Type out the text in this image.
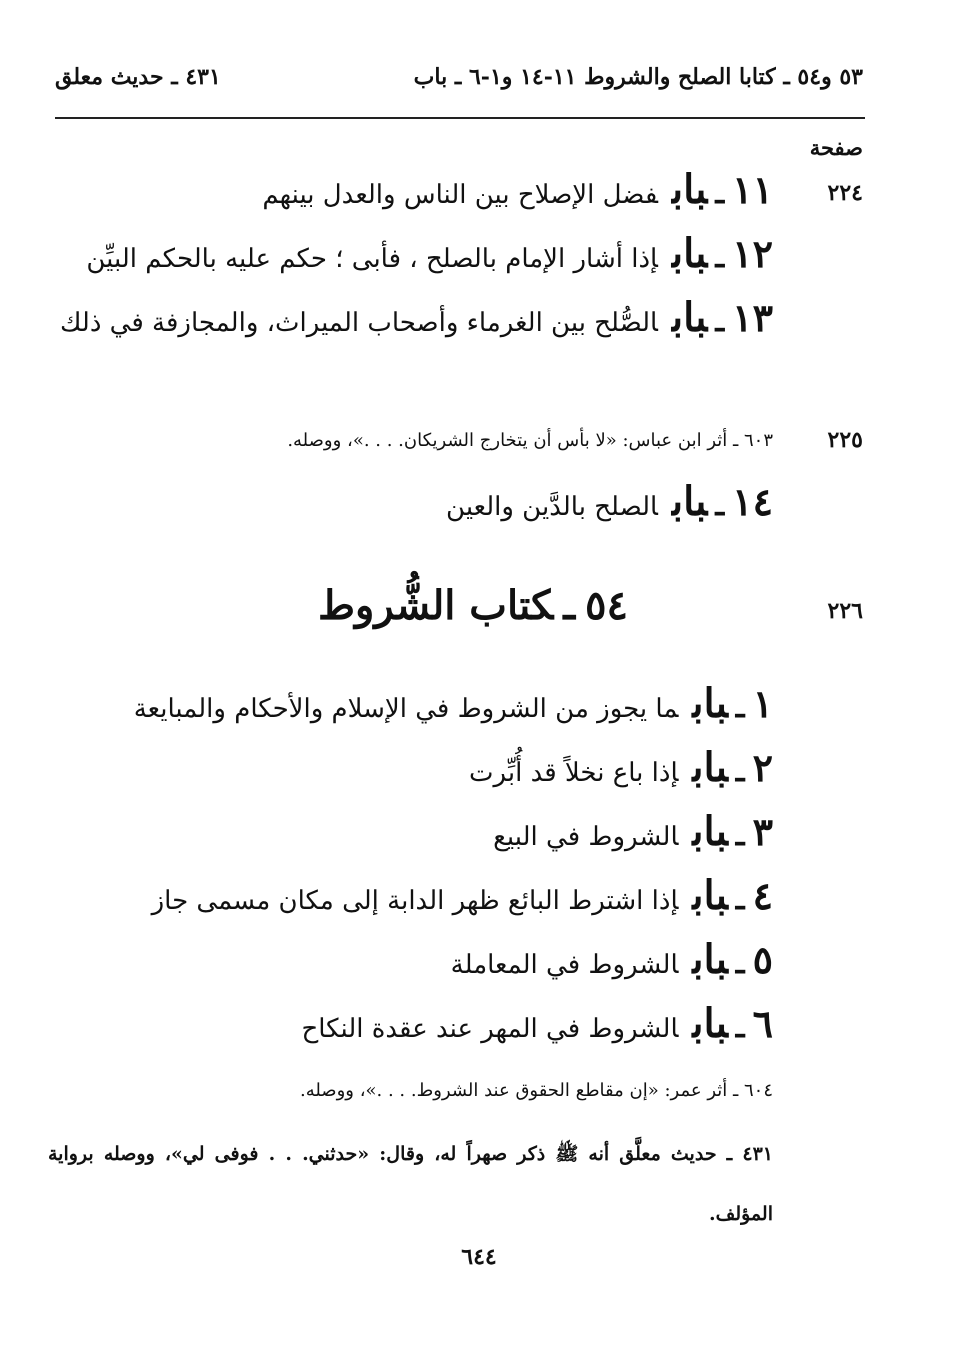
٥٣ و٥٤ ـ كتابا الصلح والشروط ١١-١٤ و١-٦ ـ باب
٤٣١ ـ حديث معلق
صفحة
٢٢٤
١١ـبابفضل الإصلاح بين الناس والعدل بينهم
١٢ـبابإذا أشار الإمام بالصلح ، فأبى ؛ حكم عليه بالحكم البيِّن
١٣ـبابالصُّلح بين الغرماء وأصحاب الميراث، والمجازفة في ذلك
٢٢٥
٦٠٣ ـ أثر ابن عباس: «لا بأس أن يتخارج الشريكان. . . .»، ووصله.
١٤ـبابالصلح بالدَّين والعين
٢٢٦
٥٤ـكتاب الشُّروط
١ـبابما يجوز من الشروط في الإسلام والأحكام والمبايعة
٢ـبابإذا باع نخلاً قد أُبِّرت
٣ـبابالشروط في البيع
٤ـبابإذا اشترط البائع ظهر الدابة إلى مكان مسمى جاز
٥ـبابالشروط في المعاملة
٦ـبابالشروط في المهر عند عقدة النكاح
٦٠٤ ـ أثر عمر: «إن مقاطع الحقوق عند الشروط. . . .»، ووصله.
٤٣١ ـ حديث معلَّق أنه ﷺ ذكر صهراً له، وقال: «حدثني. . . فوفى لي»، ووصله برواية المؤلف.
٦٤٤
